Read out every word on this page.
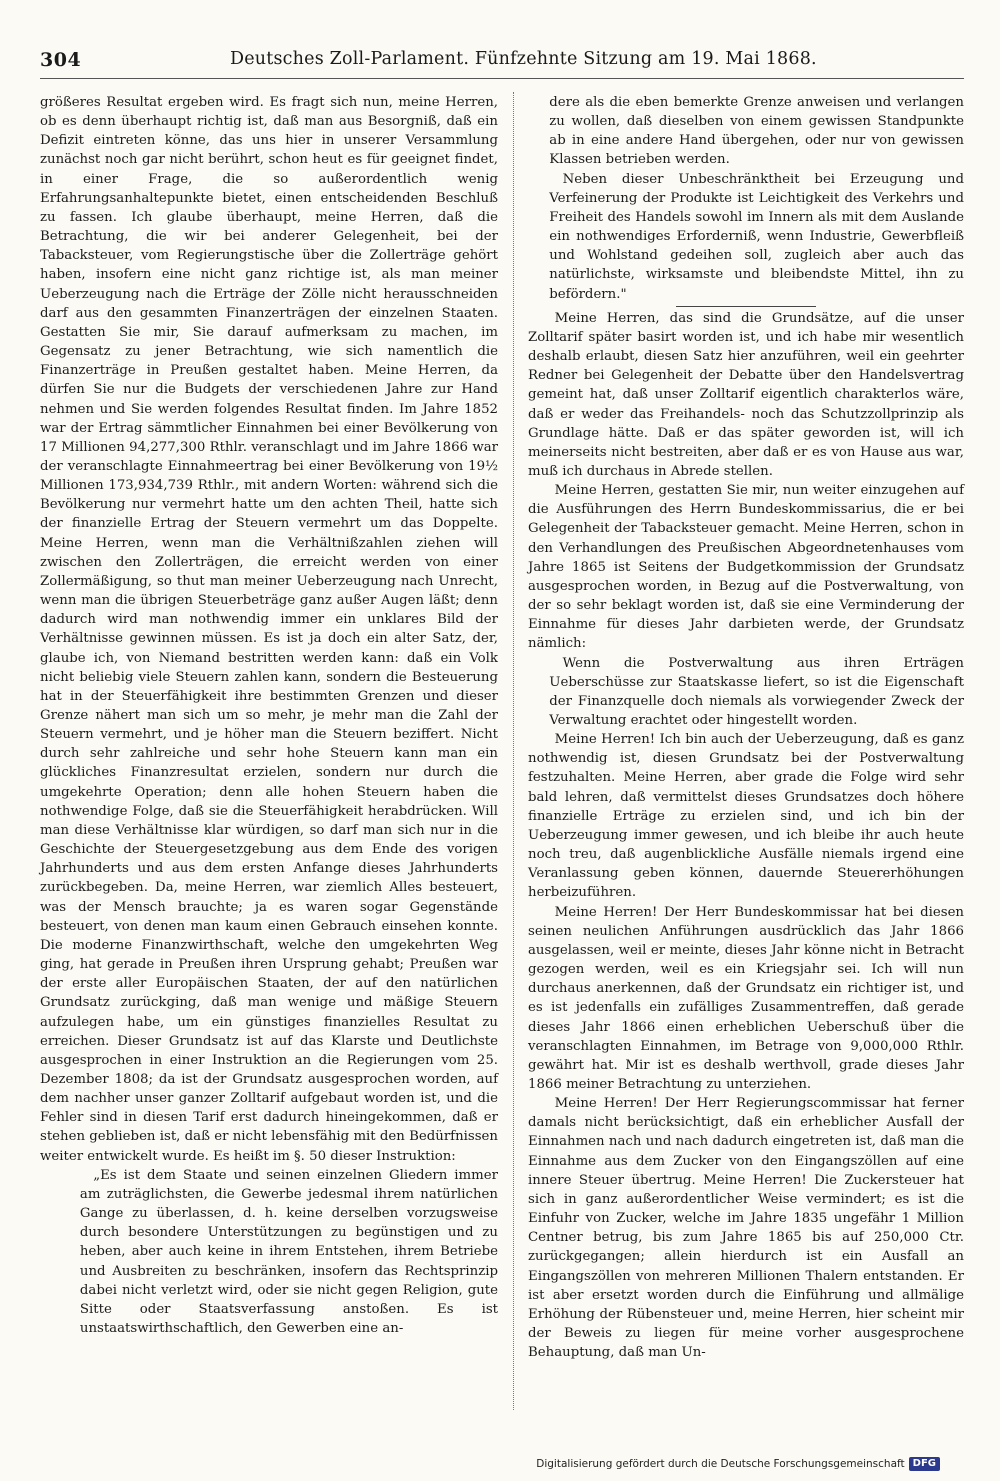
304	Deutsches Zoll-Parlament. Fünfzehnte Sitzung am 19. Mai 1868.

größeres Resultat ergeben wird. Es fragt sich nun, meine Herren, ob es denn überhaupt richtig ist, daß man aus Besorgniß, daß ein Defizit eintreten könne, das uns hier in unserer Versammlung zunächst noch gar nicht berührt, schon heut es für geeignet findet, in einer Frage, die so außerordentlich wenig Erfahrungsanhaltepunkte bietet, einen entscheidenden Beschluß zu fassen. Ich glaube überhaupt, meine Herren, daß die Betrachtung, die wir bei anderer Gelegenheit, bei der Tabacksteuer, vom Regierungstische über die Zollerträge gehört haben, insofern eine nicht ganz richtige ist, als man meiner Ueberzeugung nach die Erträge der Zölle nicht herausschneiden darf aus den gesammten Finanzerträgen der einzelnen Staaten. Gestatten Sie mir, Sie darauf aufmerksam zu machen, im Gegensatz zu jener Betrachtung, wie sich namentlich die Finanzerträge in Preußen gestaltet haben. Meine Herren, da dürfen Sie nur die Budgets der verschiedenen Jahre zur Hand nehmen und Sie werden folgendes Resultat finden. Im Jahre 1852 war der Ertrag sämmtlicher Einnahmen bei einer Bevölkerung von 17 Millionen 94,277,300 Rthlr. veranschlagt und im Jahre 1866 war der veranschlagte Einnahmeertrag bei einer Bevölkerung von 19½ Millionen 173,934,739 Rthlr., mit andern Worten: während sich die Bevölkerung nur vermehrt hatte um den achten Theil, hatte sich der finanzielle Ertrag der Steuern vermehrt um das Doppelte. Meine Herren, wenn man die Verhältnißzahlen ziehen will zwischen den Zollerträgen, die erreicht werden von einer Zollermäßigung, so thut man meiner Ueberzeugung nach Unrecht, wenn man die übrigen Steuerbeträge ganz außer Augen läßt; denn dadurch wird man nothwendig immer ein unklares Bild der Verhältnisse gewinnen müssen. Es ist ja doch ein alter Satz, der, glaube ich, von Niemand bestritten werden kann: daß ein Volk nicht beliebig viele Steuern zahlen kann, sondern die Besteuerung hat in der Steuerfähigkeit ihre bestimmten Grenzen und dieser Grenze nähert man sich um so mehr, je mehr man die Zahl der Steuern vermehrt, und je höher man die Steuern beziffert. Nicht durch sehr zahlreiche und sehr hohe Steuern kann man ein glückliches Finanzresultat erzielen, sondern nur durch die umgekehrte Operation; denn alle hohen Steuern haben die nothwendige Folge, daß sie die Steuerfähigkeit herabdrücken. Will man diese Verhältnisse klar würdigen, so darf man sich nur in die Geschichte der Steuergesetzgebung aus dem Ende des vorigen Jahrhunderts und aus dem ersten Anfange dieses Jahrhunderts zurückbegeben. Da, meine Herren, war ziemlich Alles besteuert, was der Mensch brauchte; ja es waren sogar Gegenstände besteuert, von denen man kaum einen Gebrauch einsehen konnte. Die moderne Finanzwirthschaft, welche den umgekehrten Weg ging, hat gerade in Preußen ihren Ursprung gehabt; Preußen war der erste aller Europäischen Staaten, der auf den natürlichen Grundsatz zurückging, daß man wenige und mäßige Steuern aufzulegen habe, um ein günstiges finanzielles Resultat zu erreichen. Dieser Grundsatz ist auf das Klarste und Deutlichste ausgesprochen in einer Instruktion an die Regierungen vom 25. Dezember 1808; da ist der Grundsatz ausgesprochen worden, auf dem nachher unser ganzer Zolltarif aufgebaut worden ist, und die Fehler sind in diesen Tarif erst dadurch hineingekommen, daß er stehen geblieben ist, daß er nicht lebensfähig mit den Bedürfnissen weiter entwickelt wurde. Es heißt im §. 50 dieser Instruktion:

„Es ist dem Staate und seinen einzelnen Gliedern immer am zuträglichsten, die Gewerbe jedesmal ihrem natürlichen Gange zu überlassen, d. h. keine derselben vorzugsweise durch besondere Unterstützungen zu begünstigen und zu heben, aber auch keine in ihrem Entstehen, ihrem Betriebe und Ausbreiten zu beschränken, insofern das Rechtsprinzip dabei nicht verletzt wird, oder sie nicht gegen Religion, gute Sitte oder Staatsverfassung anstoßen. Es ist unstaatswirthschaftlich, den Gewerben eine an-

dere als die eben bemerkte Grenze anweisen und verlangen zu wollen, daß dieselben von einem gewissen Standpunkte ab in eine andere Hand übergehen, oder nur von gewissen Klassen betrieben werden.

Neben dieser Unbeschränktheit bei Erzeugung und Verfeinerung der Produkte ist Leichtigkeit des Verkehrs und Freiheit des Handels sowohl im Innern als mit dem Auslande ein nothwendiges Erforderniß, wenn Industrie, Gewerbfleiß und Wohlstand gedeihen soll, zugleich aber auch das natürlichste, wirksamste und bleibendste Mittel, ihn zu befördern."

Meine Herren, das sind die Grundsätze, auf die unser Zolltarif später basirt worden ist, und ich habe mir wesentlich deshalb erlaubt, diesen Satz hier anzuführen, weil ein geehrter Redner bei Gelegenheit der Debatte über den Handelsvertrag gemeint hat, daß unser Zolltarif eigentlich charakterlos wäre, daß er weder das Freihandels- noch das Schutzzollprinzip als Grundlage hätte. Daß er das später geworden ist, will ich meinerseits nicht bestreiten, aber daß er es von Hause aus war, muß ich durchaus in Abrede stellen.

Meine Herren, gestatten Sie mir, nun weiter einzugehen auf die Ausführungen des Herrn Bundeskommissarius, die er bei Gelegenheit der Tabacksteuer gemacht. Meine Herren, schon in den Verhandlungen des Preußischen Abgeordnetenhauses vom Jahre 1865 ist Seitens der Budgetkommission der Grundsatz ausgesprochen worden, in Bezug auf die Postverwaltung, von der so sehr beklagt worden ist, daß sie eine Verminderung der Einnahme für dieses Jahr darbieten werde, der Grundsatz nämlich:

Wenn die Postverwaltung aus ihren Erträgen Ueberschüsse zur Staatskasse liefert, so ist die Eigenschaft der Finanzquelle doch niemals als vorwiegender Zweck der Verwaltung erachtet oder hingestellt worden.

Meine Herren! Ich bin auch der Ueberzeugung, daß es ganz nothwendig ist, diesen Grundsatz bei der Postverwaltung festzuhalten. Meine Herren, aber grade die Folge wird sehr bald lehren, daß vermittelst dieses Grundsatzes doch höhere finanzielle Erträge zu erzielen sind, und ich bin der Ueberzeugung immer gewesen, und ich bleibe ihr auch heute noch treu, daß augenblickliche Ausfälle niemals irgend eine Veranlassung geben können, dauernde Steuererhöhungen herbeizuführen.

Meine Herren! Der Herr Bundeskommissar hat bei diesen seinen neulichen Anführungen ausdrücklich das Jahr 1866 ausgelassen, weil er meinte, dieses Jahr könne nicht in Betracht gezogen werden, weil es ein Kriegsjahr sei. Ich will nun durchaus anerkennen, daß der Grundsatz ein richtiger ist, und es ist jedenfalls ein zufälliges Zusammentreffen, daß gerade dieses Jahr 1866 einen erheblichen Ueberschuß über die veranschlagten Einnahmen, im Betrage von 9,000,000 Rthlr. gewährt hat. Mir ist es deshalb werthvoll, grade dieses Jahr 1866 meiner Betrachtung zu unterziehen.

Meine Herren! Der Herr Regierungscommissar hat ferner damals nicht berücksichtigt, daß ein erheblicher Ausfall der Einnahmen nach und nach dadurch eingetreten ist, daß man die Einnahme aus dem Zucker von den Eingangszöllen auf eine innere Steuer übertrug. Meine Herren! Die Zuckersteuer hat sich in ganz außerordentlicher Weise vermindert; es ist die Einfuhr von Zucker, welche im Jahre 1835 ungefähr 1 Million Centner betrug, bis zum Jahre 1865 bis auf 250,000 Ctr. zurückgegangen; allein hierdurch ist ein Ausfall an Eingangszöllen von mehreren Millionen Thalern entstanden. Er ist aber ersetzt worden durch die Einführung und allmälige Erhöhung der Rübensteuer und, meine Herren, hier scheint mir der Beweis zu liegen für meine vorher ausgesprochene Behauptung, daß man Un-

Digitalisierung gefördert durch die Deutsche Forschungsgemeinschaft DFG
